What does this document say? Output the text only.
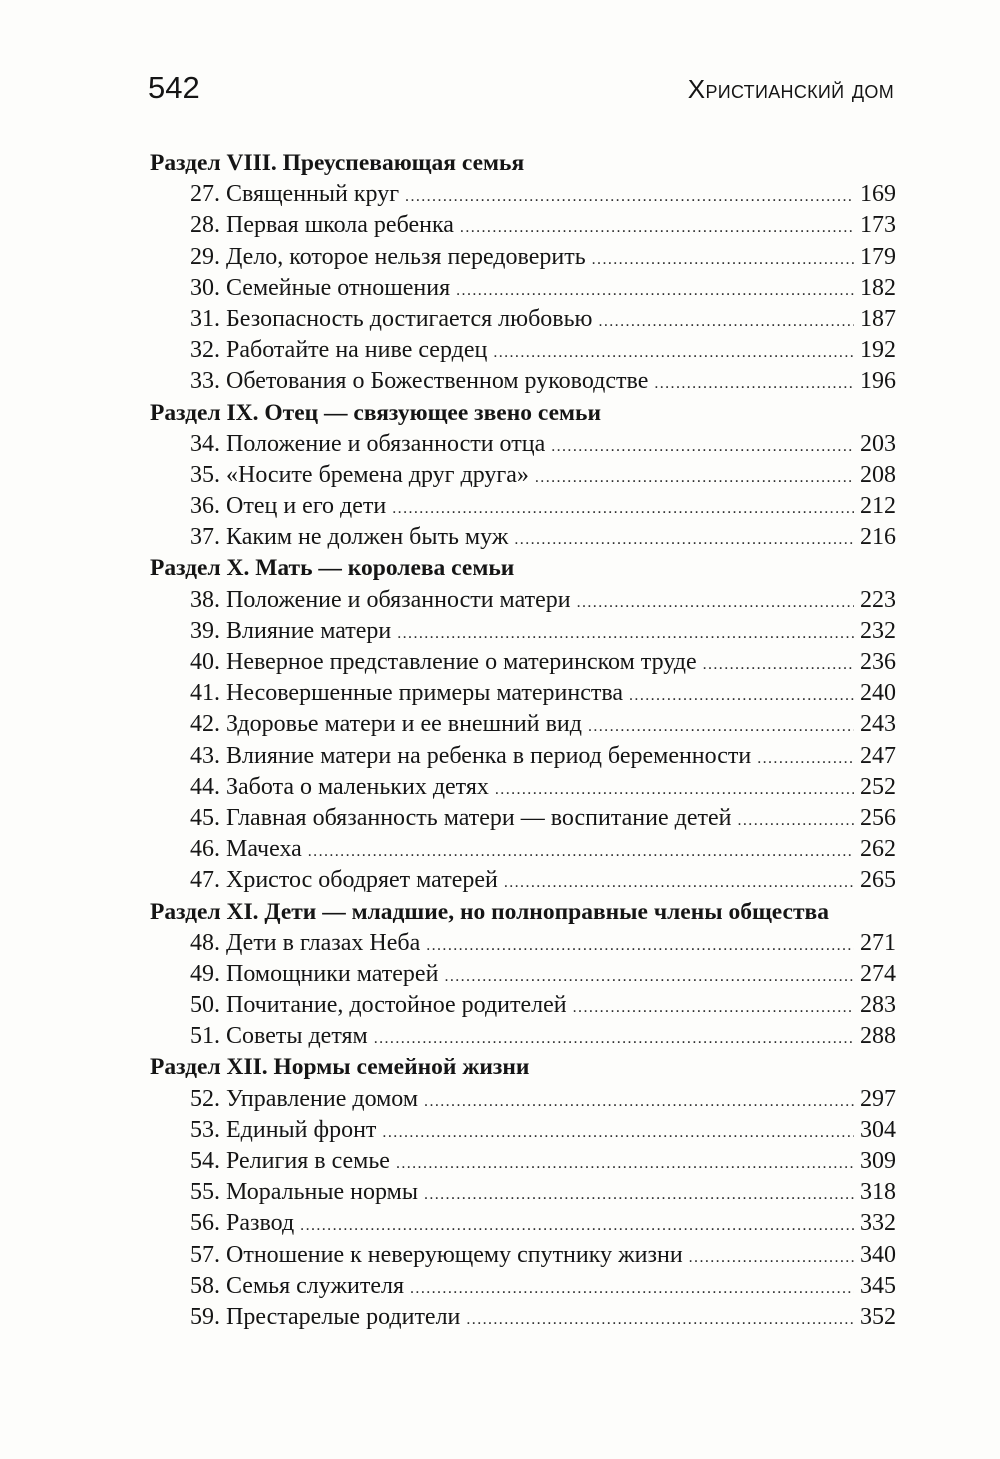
542	Христианский дом
Раздел VIII. Преуспевающая семья
27. Священный круг .....	169
28. Первая школа ребенка .....	173
29. Дело, которое нельзя передоверить .....	179
30. Семейные отношения .....	182
31. Безопасность достигается любовью .....	187
32. Работайте на ниве сердец .....	192
33. Обетования о Божественном руководстве .....	196
Раздел IX. Отец — связующее звено семьи
34. Положение и обязанности отца .....	203
35. «Носите бремена друг друга» .....	208
36. Отец и его дети .....	212
37. Каким не должен быть муж .....	216
Раздел X. Мать — королева семьи
38. Положение и обязанности матери .....	223
39. Влияние матери .....	232
40. Неверное представление о материнском труде .....	236
41. Несовершенные примеры материнства .....	240
42. Здоровье матери и ее внешний вид .....	243
43. Влияние матери на ребенка в период беременности .....	247
44. Забота о маленьких детях .....	252
45. Главная обязанность матери — воспитание детей .....	256
46. Мачеха .....	262
47. Христос ободряет матерей .....	265
Раздел XI. Дети — младшие, но полноправные члены общества
48. Дети в глазах Неба .....	271
49. Помощники матерей .....	274
50. Почитание, достойное родителей .....	283
51. Советы детям .....	288
Раздел XII. Нормы семейной жизни
52. Управление домом .....	297
53. Единый фронт .....	304
54. Религия в семье .....	309
55. Моральные нормы .....	318
56. Развод .....	332
57. Отношение к неверующему спутнику жизни .....	340
58. Семья служителя .....	345
59. Престарелые родители .....	352
